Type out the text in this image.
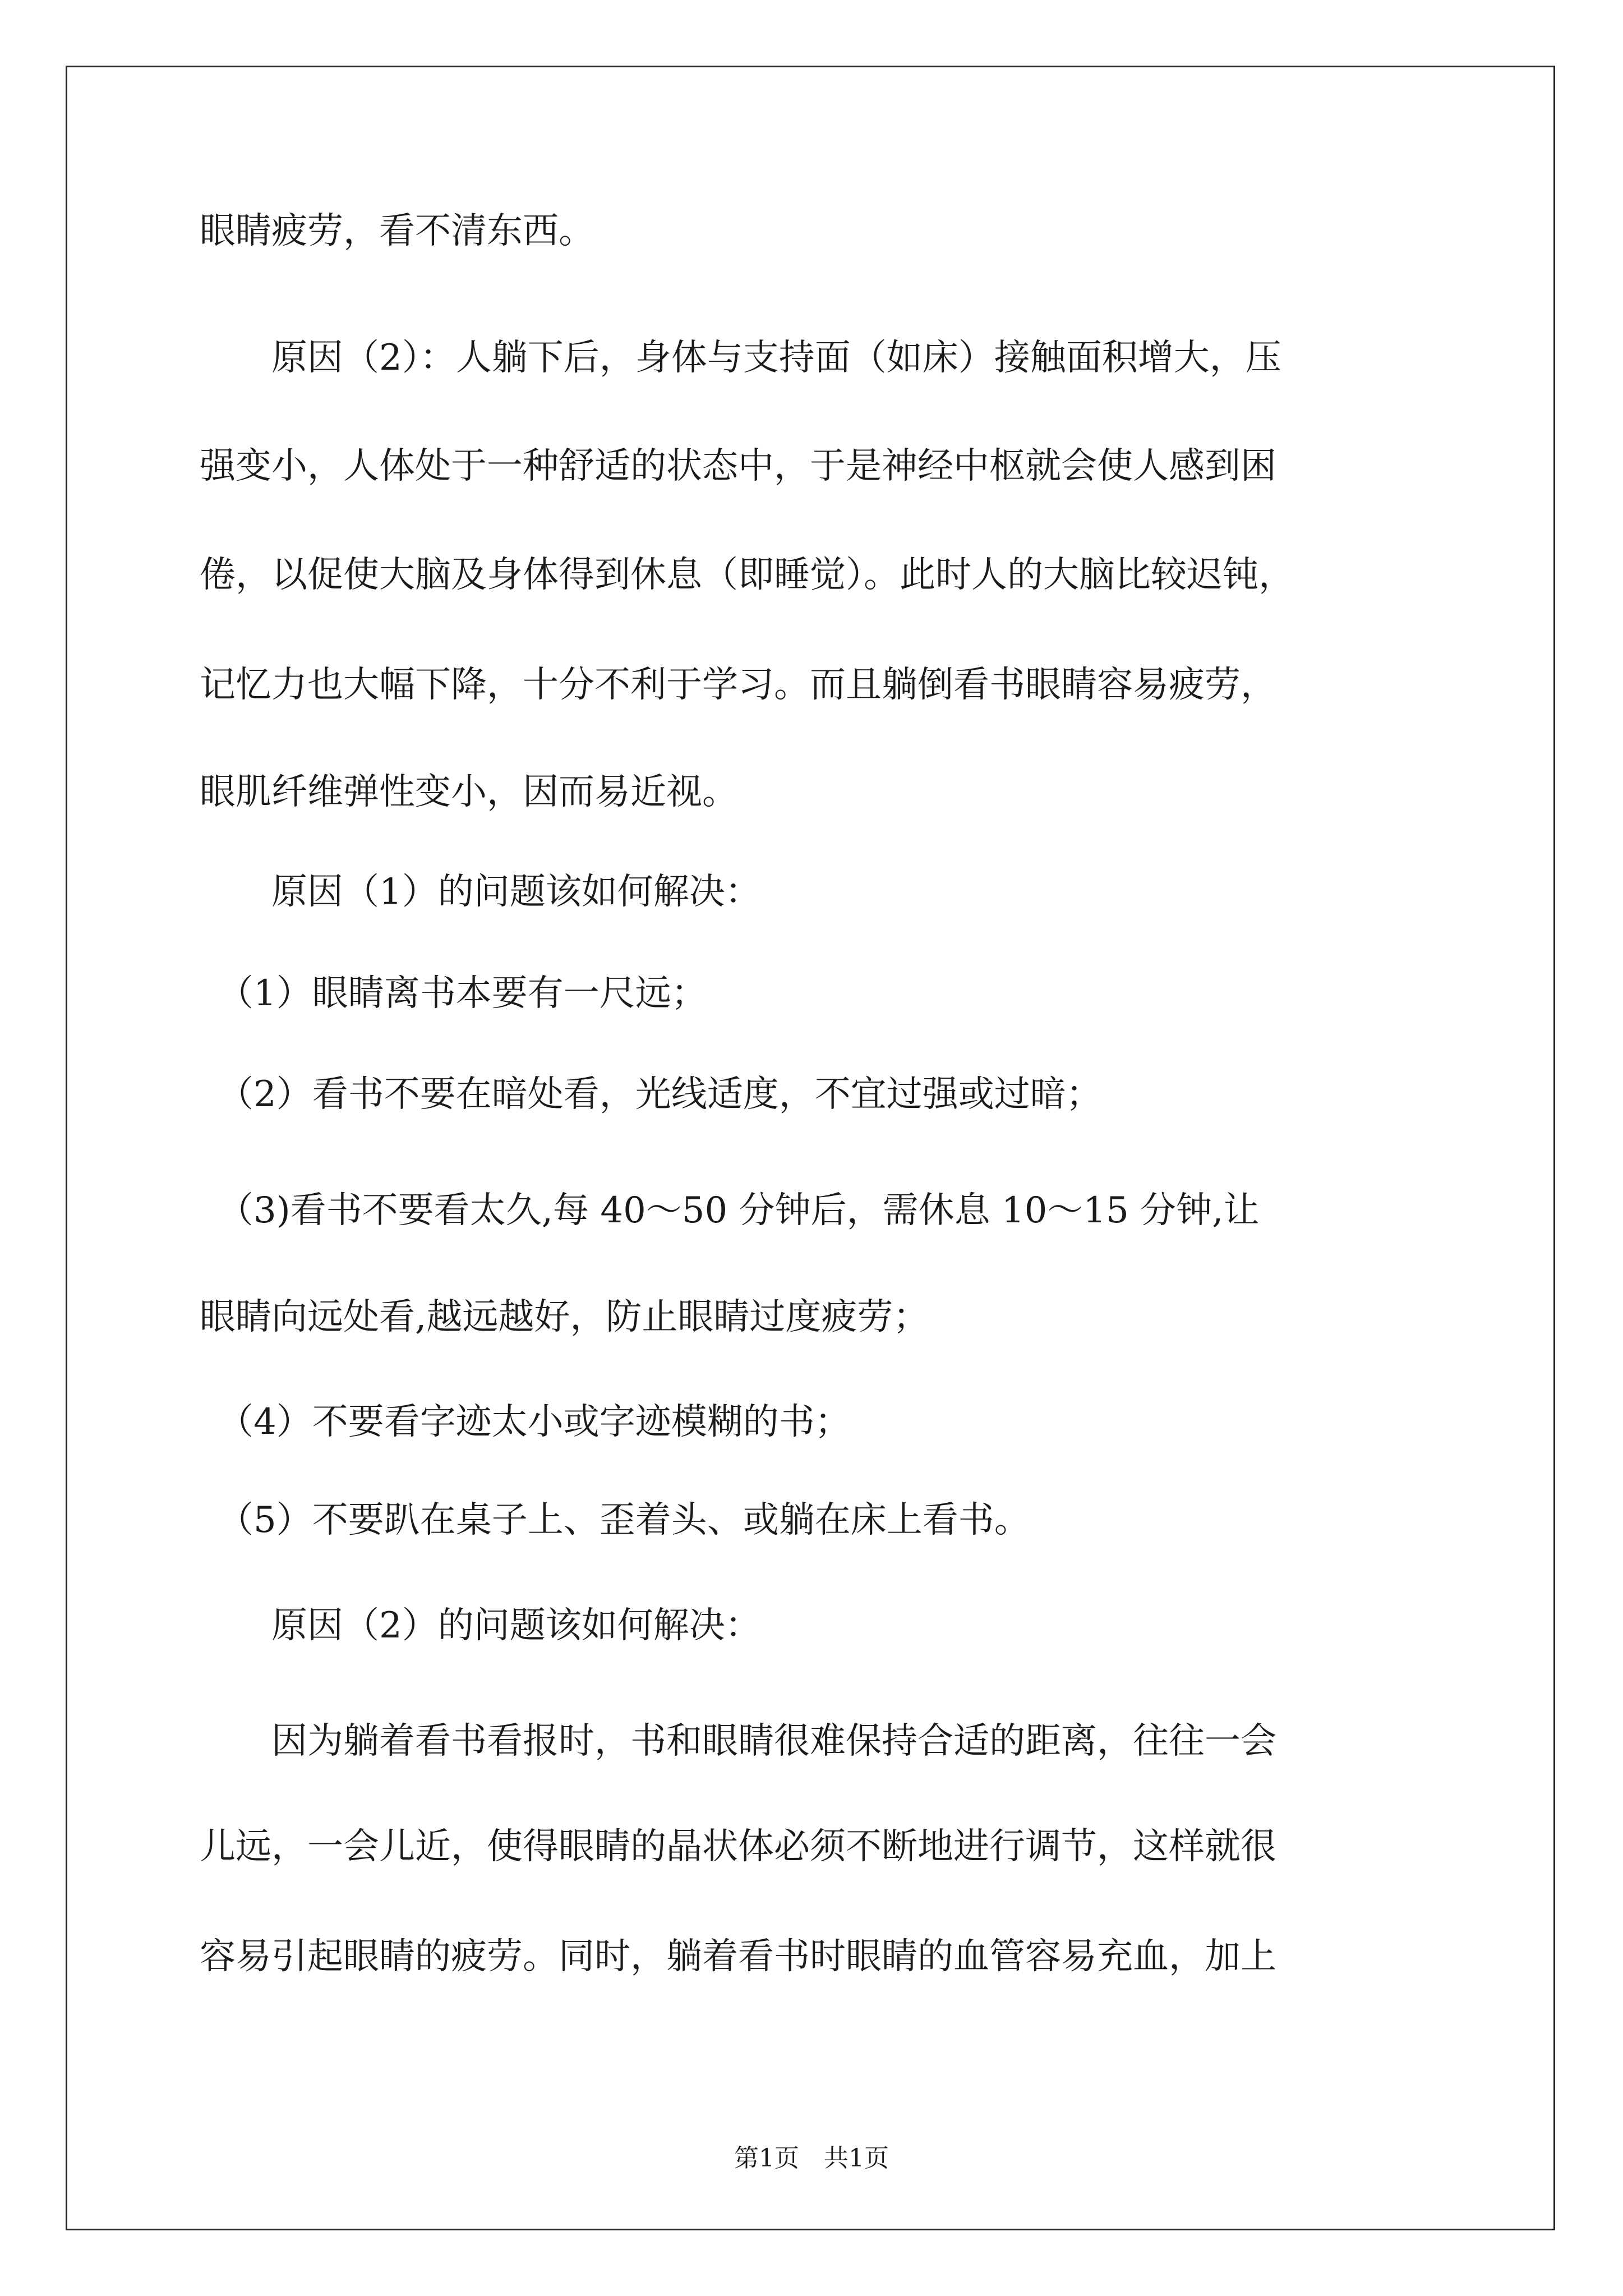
眼睛疲劳，看不清东西。
　　原因（2）：人躺下后，身体与支持面（如床）接触面积增大，压
强变小，人体处于一种舒适的状态中，于是神经中枢就会使人感到困
倦，以促使大脑及身体得到休息（即睡觉）。此时人的大脑比较迟钝，
记忆力也大幅下降，十分不利于学习。而且躺倒看书眼睛容易疲劳，
眼肌纤维弹性变小，因而易近视。
　　原因（1）的问题该如何解决：
　（1）眼睛离书本要有一尺远；
　（2）看书不要在暗处看，光线适度，不宜过强或过暗；
　（3)看书不要看太久,每 40～50 分钟后，需休息 10～15 分钟,让
眼睛向远处看,越远越好，防止眼睛过度疲劳；
　（4）不要看字迹太小或字迹模糊的书；
　（5）不要趴在桌子上、歪着头、或躺在床上看书。
　　原因（2）的问题该如何解决：
　　因为躺着看书看报时，书和眼睛很难保持合适的距离，往往一会
儿远，一会儿近，使得眼睛的晶状体必须不断地进行调节，这样就很
容易引起眼睛的疲劳。同时，躺着看书时眼睛的血管容易充血，加上
第1页　共1页
